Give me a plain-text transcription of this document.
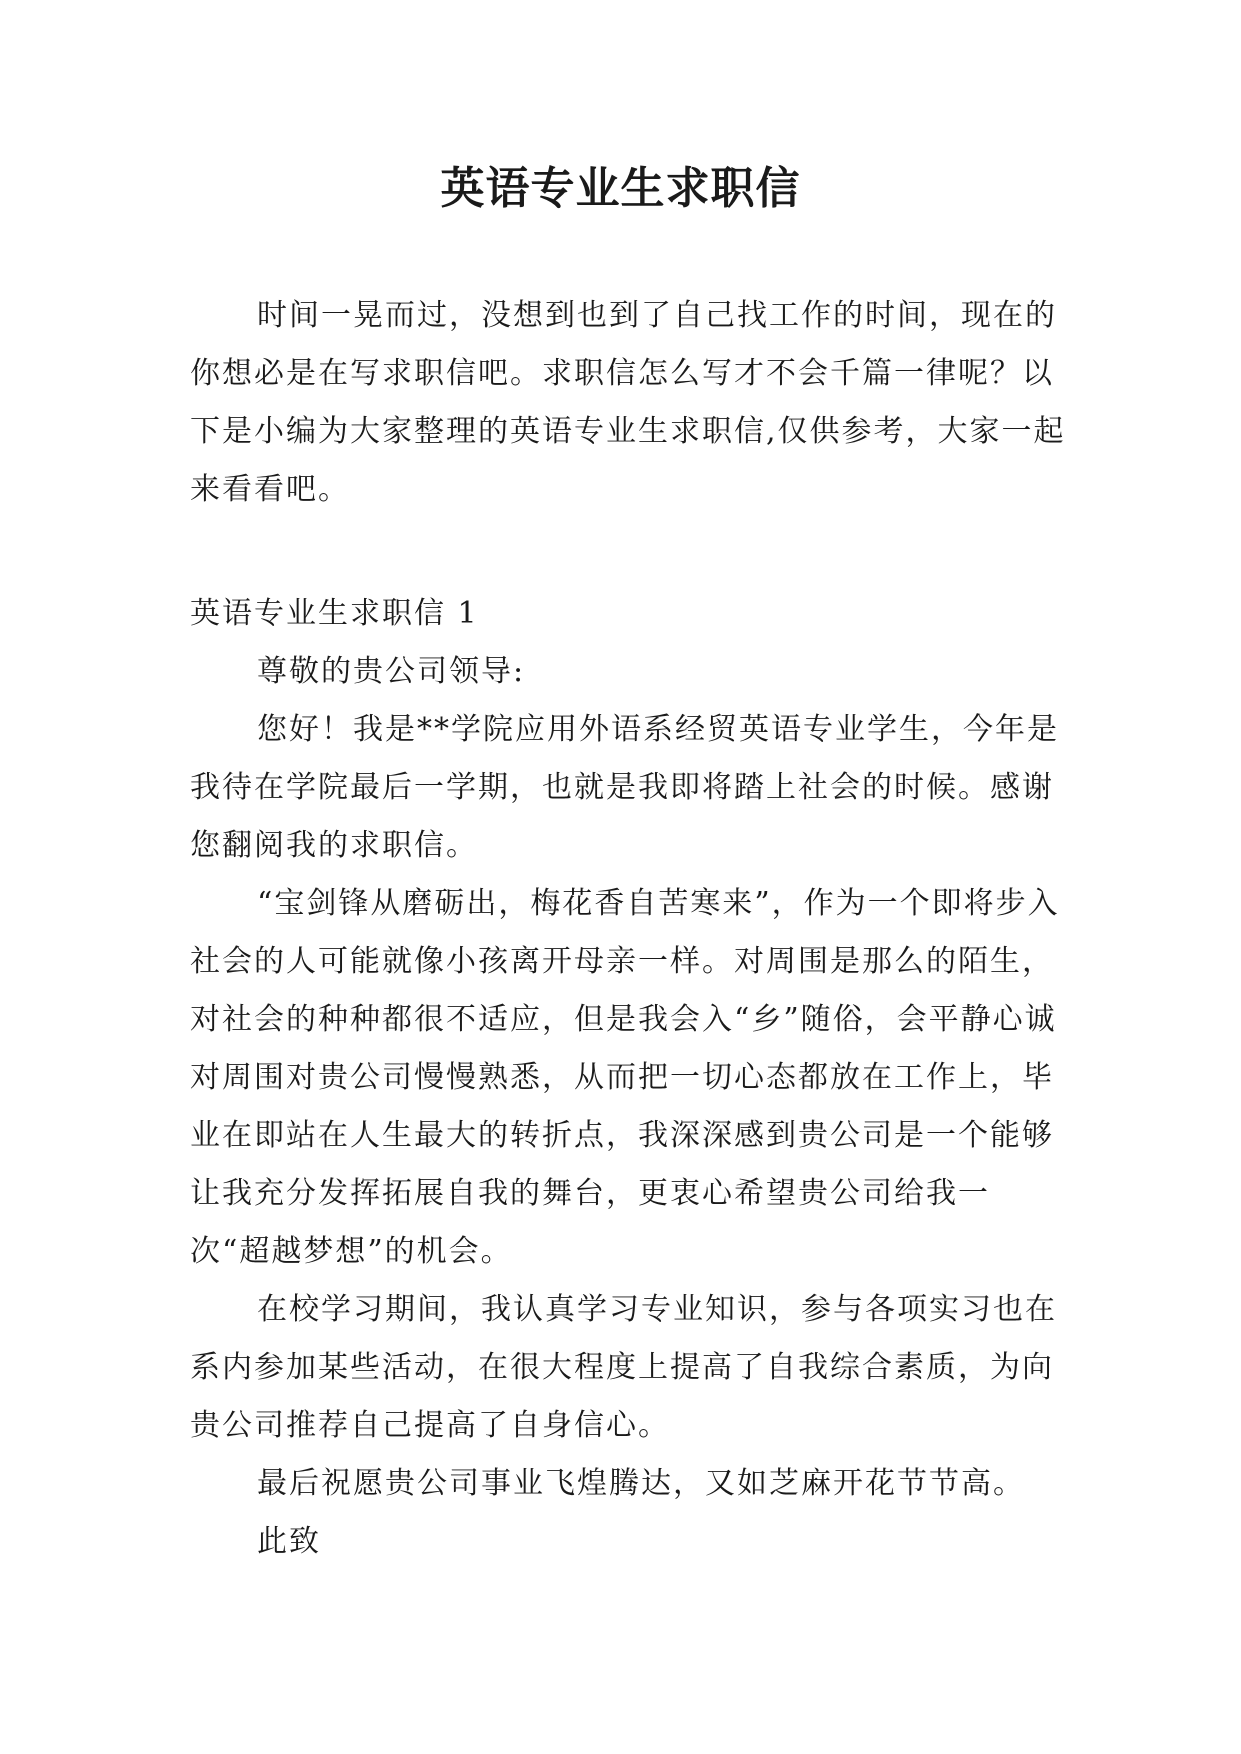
英语专业生求职信

时间一晃而过，没想到也到了自己找工作的时间，现在的你想必是在写求职信吧。求职信怎么写才不会千篇一律呢？以下是小编为大家整理的英语专业生求职信,仅供参考，大家一起来看看吧。

英语专业生求职信 1

尊敬的贵公司领导:

您好！我是**学院应用外语系经贸英语专业学生，今年是我待在学院最后一学期，也就是我即将踏上社会的时候。感谢您翻阅我的求职信。

“宝剑锋从磨砺出，梅花香自苦寒来”，作为一个即将步入社会的人可能就像小孩离开母亲一样。对周围是那么的陌生，对社会的种种都很不适应，但是我会入“乡”随俗，会平静心诚对周围对贵公司慢慢熟悉，从而把一切心态都放在工作上，毕业在即站在人生最大的转折点，我深深感到贵公司是一个能够让我充分发挥拓展自我的舞台，更衷心希望贵公司给我一次“超越梦想”的机会。

在校学习期间，我认真学习专业知识，参与各项实习也在系内参加某些活动，在很大程度上提高了自我综合素质，为向贵公司推荐自己提高了自身信心。

最后祝愿贵公司事业飞煌腾达，又如芝麻开花节节高。

此致
